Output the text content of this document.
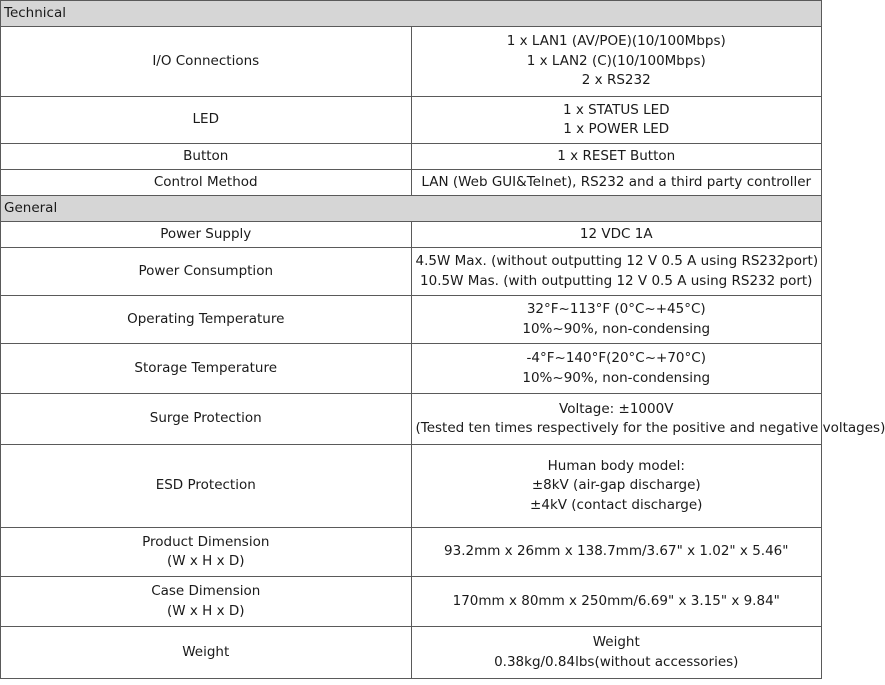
Technical	

I/O Connections	1 x LAN1 (AV/POE)(10/100Mbps)
1 x LAN2 (C)(10/100Mbps)
2 x RS232

LED	1 x STATUS LED
1 x POWER LED

Button	1 x RESET Button

Control Method	LAN (Web GUI&Telnet), RS232 and a third party controller

General	

Power Supply	12 VDC 1A

Power Consumption	4.5W Max. (without outputting 12 V 0.5 A using RS232port)
10.5W Mas. (with outputting 12 V 0.5 A using RS232 port)

Operating Temperature	32°F~113°F (0°C~+45°C)
10%~90%, non-condensing

Storage Temperature	-4°F~140°F(20°C~+70°C)
10%~90%, non-condensing

Surge Protection	Voltage: ±1000V
(Tested ten times respectively for the positive and negative voltages)

ESD Protection	Human body model:
±8kV (air-gap discharge)
±4kV (contact discharge)

Product Dimension
(W x H x D)	93.2mm x 26mm x 138.7mm/3.67" x 1.02" x 5.46"

Case Dimension
(W x H x D)	170mm x 80mm x 250mm/6.69" x 3.15" x 9.84"

Weight	Weight
0.38kg/0.84lbs(without accessories)
